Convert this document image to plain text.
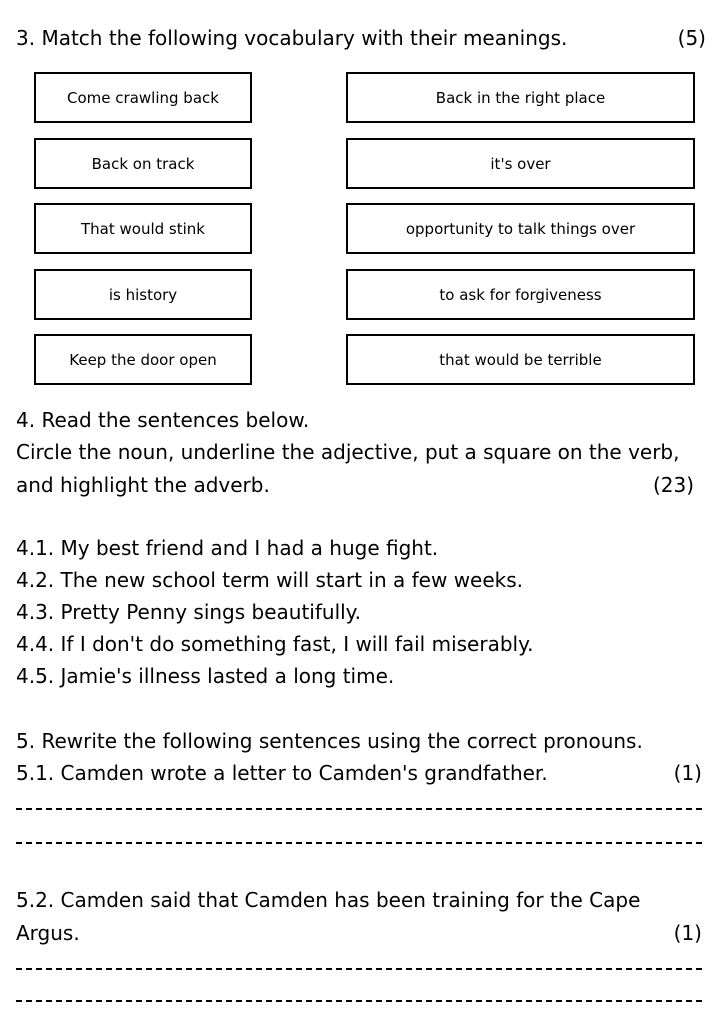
3. Match the following vocabulary with their meanings.	(5)
Come crawling back
Back on track
That would stink
is history
Keep the door open
Back in the right place
it's over
opportunity to talk things over
to ask for forgiveness
that would be terrible
4. Read the sentences below.
Circle the noun, underline the adjective, put a square on the verb,
and highlight the adverb.	(23)
4.1. My best friend and I had a huge fight.
4.2. The new school term will start in a few weeks.
4.3. Pretty Penny sings beautifully.
4.4. If I don't do something fast, I will fail miserably.
4.5. Jamie's illness lasted a long time.
5. Rewrite the following sentences using the correct pronouns.
5.1. Camden wrote a letter to Camden's grandfather.	(1)
5.2. Camden said that Camden has been training for the Cape
Argus.	(1)
